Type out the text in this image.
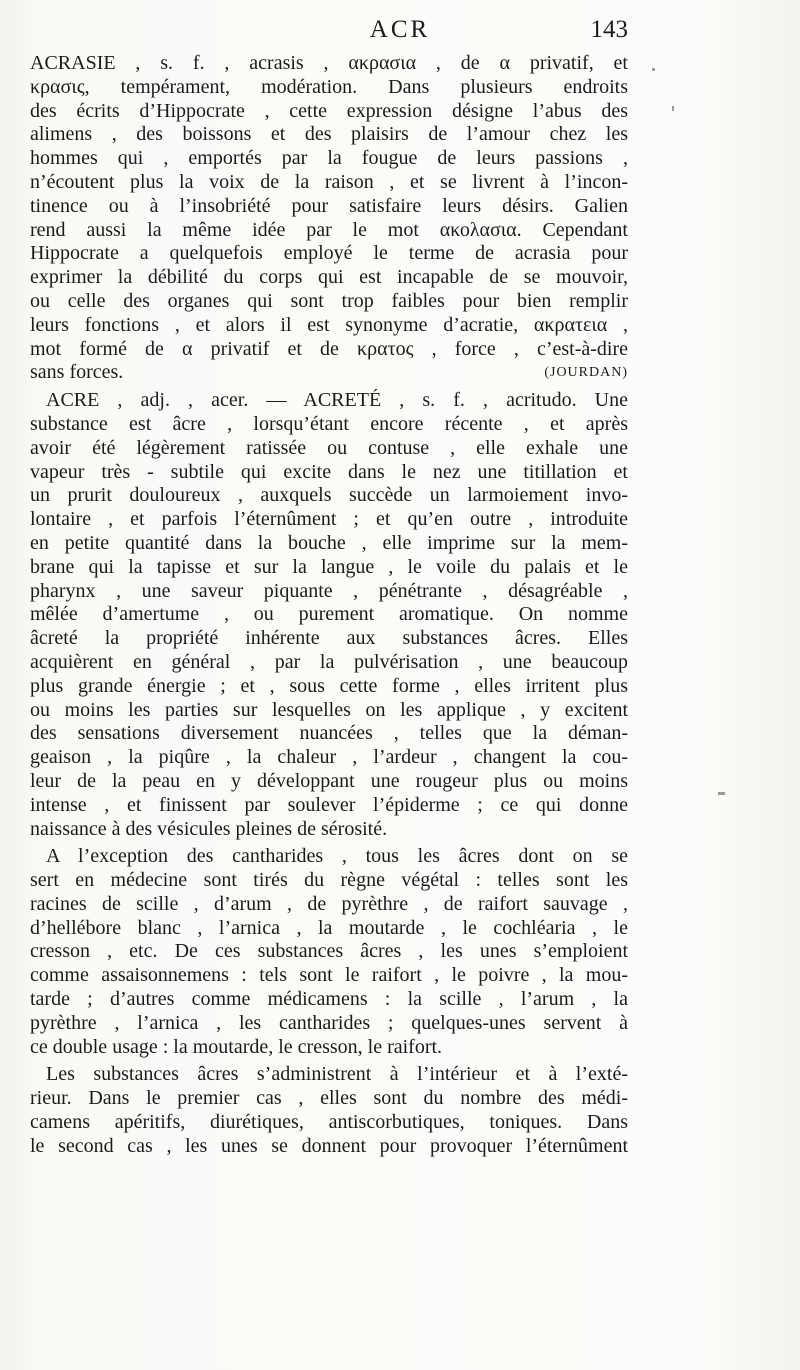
ACR	143
ACRASIE , s. f. , acrasis , ακρασια , de α privatif, et
κρασις, tempérament, modération. Dans plusieurs endroits
des écrits d’Hippocrate , cette expression désigne l’abus des
alimens , des boissons et des plaisirs de l’amour chez les
hommes qui , emportés par la fougue de leurs passions ,
n’écoutent plus la voix de la raison , et se livrent à l’incon-
tinence ou à l’insobriété pour satisfaire leurs désirs. Galien
rend aussi la même idée par le mot ακολασια. Cependant
Hippocrate a quelquefois employé le terme de acrasia pour
exprimer la débilité du corps qui est incapable de se mouvoir,
ou celle des organes qui sont trop faibles pour bien remplir
leurs fonctions , et alors il est synonyme d’acratie, ακρατεια ,
mot formé de α privatif et de κρατος , force , c’est-à-dire
sans forces.	(JOURDAN)
ACRE , adj. , acer. — ACRETÉ , s. f. , acritudo. Une
substance est âcre , lorsqu’étant encore récente , et après
avoir été légèrement ratissée ou contuse , elle exhale une
vapeur très - subtile qui excite dans le nez une titillation et
un prurit douloureux , auxquels succède un larmoiement invo-
lontaire , et parfois l’éternûment ; et qu’en outre , introduite
en petite quantité dans la bouche , elle imprime sur la mem-
brane qui la tapisse et sur la langue , le voile du palais et le
pharynx , une saveur piquante , pénétrante , désagréable ,
mêlée d’amertume , ou purement aromatique. On nomme
âcreté la propriété inhérente aux substances âcres. Elles
acquièrent en général , par la pulvérisation , une beaucoup
plus grande énergie ; et , sous cette forme , elles irritent plus
ou moins les parties sur lesquelles on les applique , y excitent
des sensations diversement nuancées , telles que la déman-
geaison , la piqûre , la chaleur , l’ardeur , changent la cou-
leur de la peau en y développant une rougeur plus ou moins
intense , et finissent par soulever l’épiderme ; ce qui donne
naissance à des vésicules pleines de sérosité.
A l’exception des cantharides , tous les âcres dont on se
sert en médecine sont tirés du règne végétal : telles sont les
racines de scille , d’arum , de pyrèthre , de raifort sauvage ,
d’hellébore blanc , l’arnica , la moutarde , le cochléaria , le
cresson , etc. De ces substances âcres , les unes s’emploient
comme assaisonnemens : tels sont le raifort , le poivre , la mou-
tarde ; d’autres comme médicamens : la scille , l’arum , la
pyrèthre , l’arnica , les cantharides ; quelques-unes servent à
ce double usage : la moutarde, le cresson, le raifort.
Les substances âcres s’administrent à l’intérieur et à l’exté-
rieur. Dans le premier cas , elles sont du nombre des médi-
camens apéritifs, diurétiques, antiscorbutiques, toniques. Dans
le second cas , les unes se donnent pour provoquer l’éternûment
